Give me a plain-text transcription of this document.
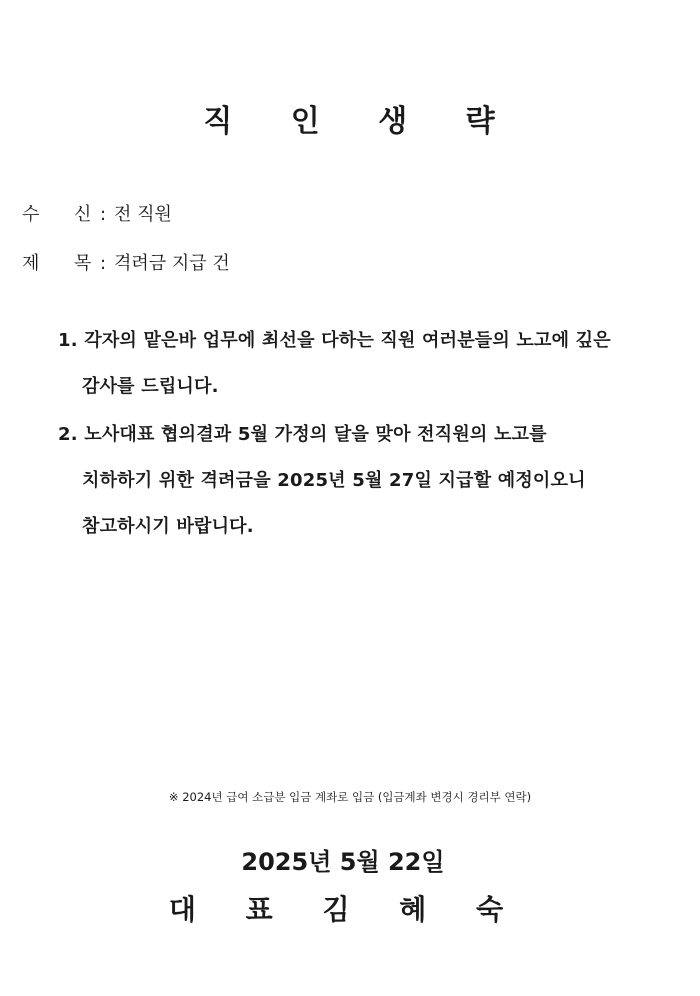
직 인 생 략
수 신 : 전 직원
제 목 : 격려금 지급 건
1. 각자의 맡은바 업무에 최선을 다하는 직원 여러분들의 노고에 깊은
감사를 드립니다.
2. 노사대표 협의결과 5월 가정의 달을 맞아 전직원의 노고를
치하하기 위한 격려금을 2025년 5월 27일 지급할 예정이오니
참고하시기 바랍니다.
※ 2024년 급여 소급분 입금 계좌로 입금 (입금계좌 변경시 경리부 연락)
2025년 5월 22일
대 표 김 혜 숙
